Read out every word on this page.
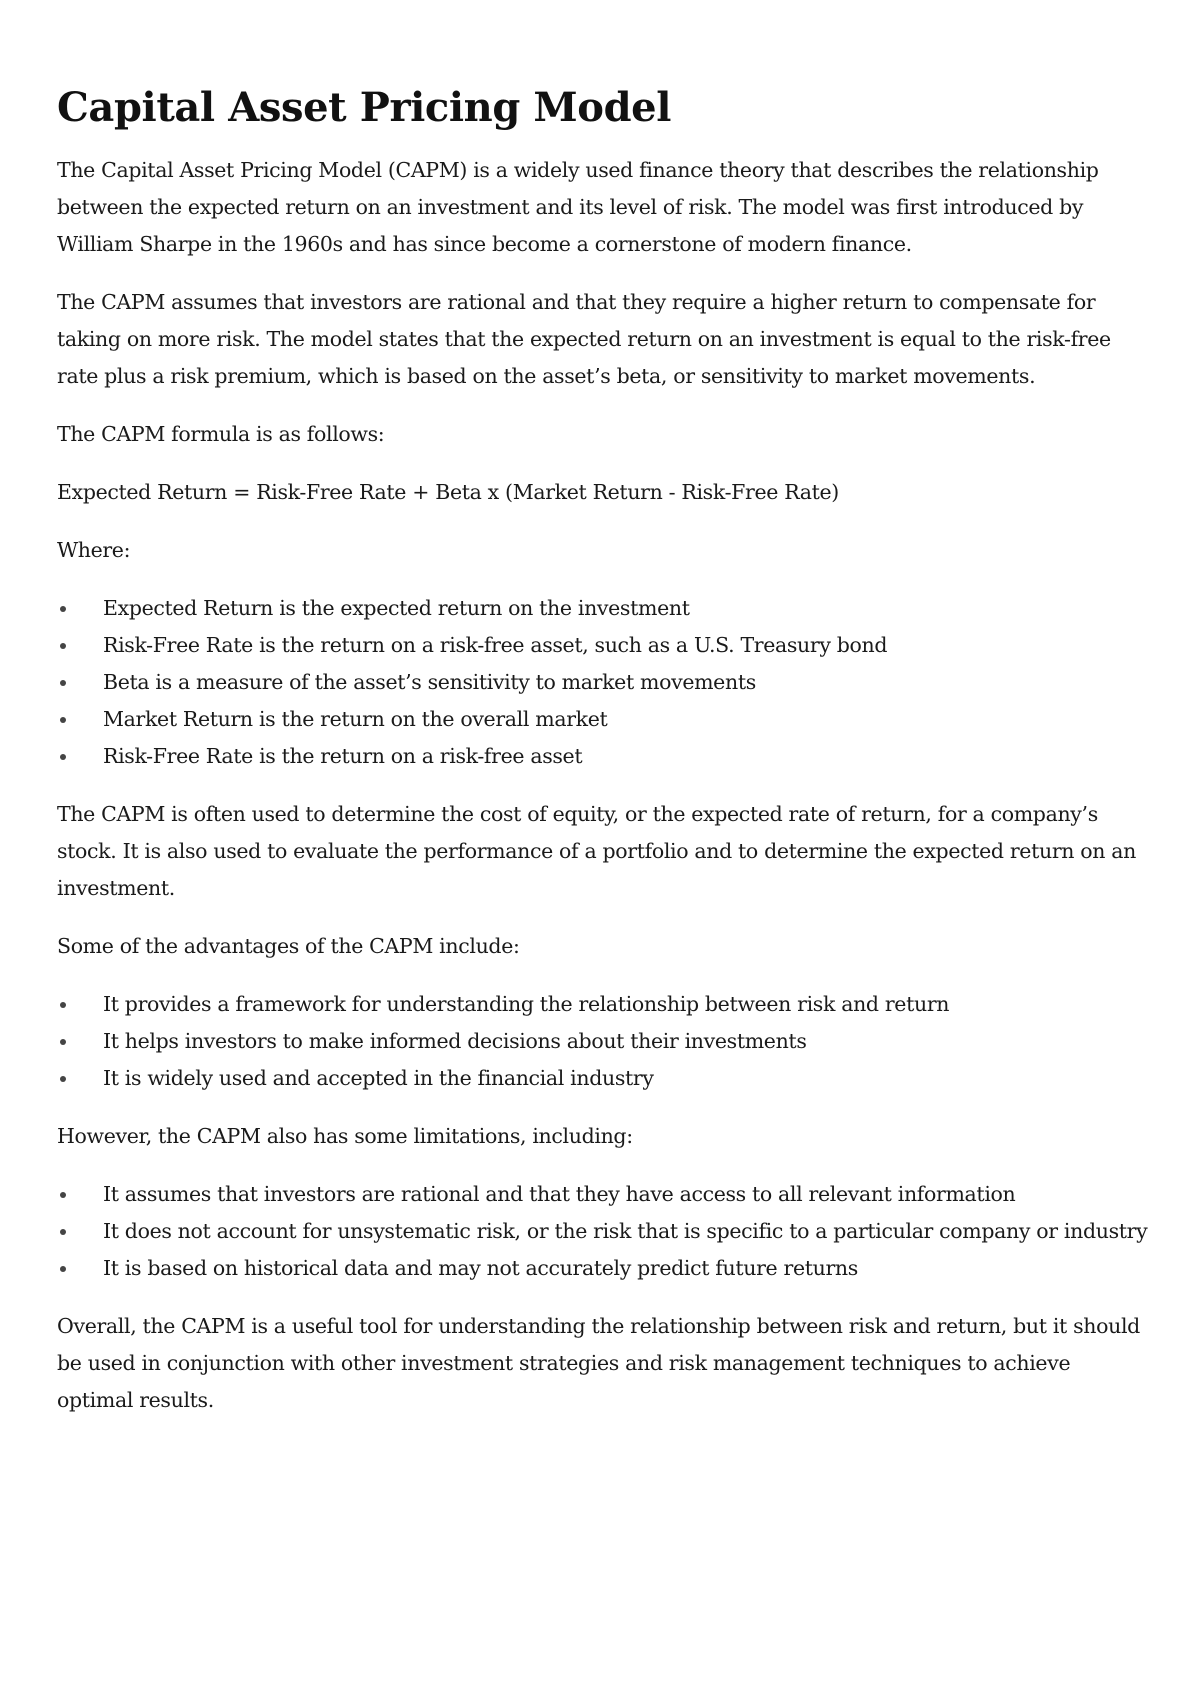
Capital Asset Pricing Model

The Capital Asset Pricing Model (CAPM) is a widely used finance theory that describes the relationship between the expected return on an investment and its level of risk. The model was first introduced by William Sharpe in the 1960s and has since become a cornerstone of modern finance.

The CAPM assumes that investors are rational and that they require a higher return to compensate for taking on more risk. The model states that the expected return on an investment is equal to the risk-free rate plus a risk premium, which is based on the asset’s beta, or sensitivity to market movements.

The CAPM formula is as follows:

Expected Return = Risk-Free Rate + Beta x (Market Return - Risk-Free Rate)

Where:

Expected Return is the expected return on the investment
Risk-Free Rate is the return on a risk-free asset, such as a U.S. Treasury bond
Beta is a measure of the asset’s sensitivity to market movements
Market Return is the return on the overall market
Risk-Free Rate is the return on a risk-free asset

The CAPM is often used to determine the cost of equity, or the expected rate of return, for a company’s stock. It is also used to evaluate the performance of a portfolio and to determine the expected return on an investment.

Some of the advantages of the CAPM include:

It provides a framework for understanding the relationship between risk and return
It helps investors to make informed decisions about their investments
It is widely used and accepted in the financial industry

However, the CAPM also has some limitations, including:

It assumes that investors are rational and that they have access to all relevant information
It does not account for unsystematic risk, or the risk that is specific to a particular company or industry
It is based on historical data and may not accurately predict future returns

Overall, the CAPM is a useful tool for understanding the relationship between risk and return, but it should be used in conjunction with other investment strategies and risk management techniques to achieve optimal results.
